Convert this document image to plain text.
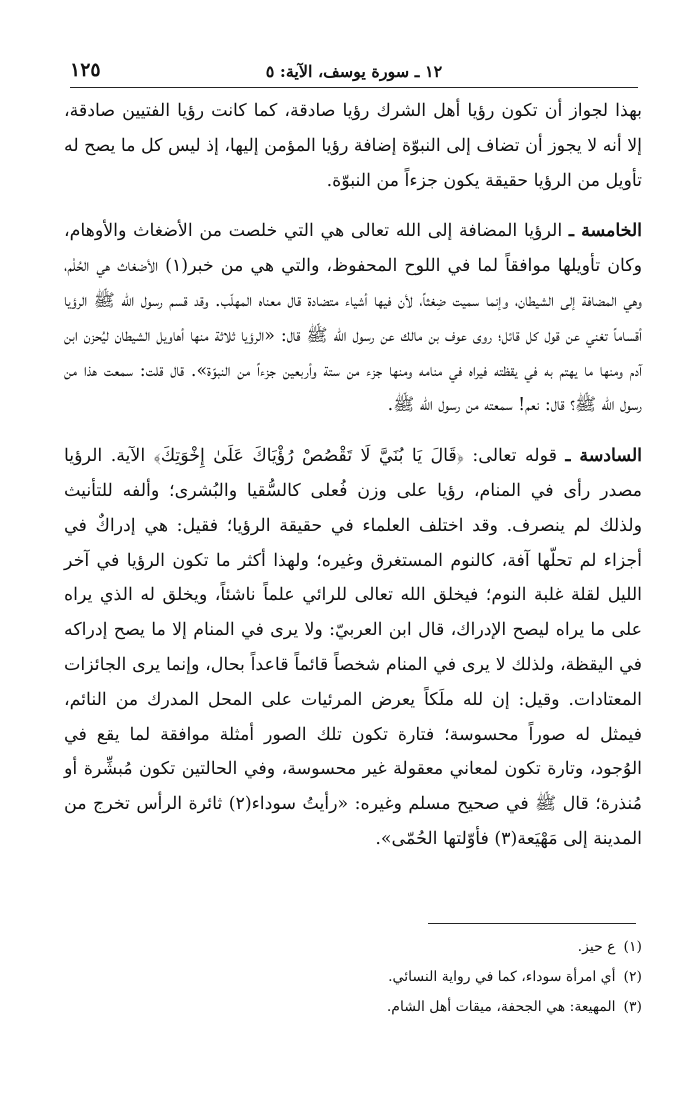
١٢ ـ سورة يوسف، الآية: ٥
١٢٥

بهذا لجواز أن تكون رؤيا أهل الشرك رؤيا صادقة، كما كانت رؤيا الفتيين صادقة، إلا أنه لا يجوز أن تضاف إلى النبوّة إضافة رؤيا المؤمن إليها، إذ ليس كل ما يصح له تأويل من الرؤيا حقيقة يكون جزءاً من النبوّة.

الخامسة ـ الرؤيا المضافة إلى الله تعالى هي التي خلصت من الأضغاث والأوهام، وكان تأويلها موافقاً لما في اللوح المحفوظ، والتي هي من خبر(١) الأضغاث هي الحُلْم، وهي المضافة إلى الشيطان، وإنما سميت ضِغثاً، لأن فيها أشياء متضادة قال معناه المهلّب. وقد قسم رسول الله ﷺ الرؤيا أقساماً تغني عن قول كل قائل؛ روى عوف بن مالك عن رسول الله ﷺ قال: «الرؤيا ثلاثة منها أهاويل الشيطان ليُحزن ابن آدم ومنها ما يهتم به في يقظته فيراه في منامه ومنها جزء من ستة وأربعين جزءاً من النبوّة». قال قلت: سمعت هذا من رسول الله ﷺ؟ قال: نعم! سمعته من رسول الله ﷺ.

السادسة ـ قوله تعالى: ﴿قَالَ يَا بُنَيَّ لَا تَقْصُصْ رُؤْيَاكَ عَلَىٰ إِخْوَتِكَ﴾ الآية. الرؤيا مصدر رأى في المنام، رؤيا على وزن فُعلى كالسُّقيا والبُشرى؛ وألفه للتأنيث ولذلك لم ينصرف. وقد اختلف العلماء في حقيقة الرؤيا؛ فقيل: هي إدراكٌ في أجزاء لم تحلّها آفة، كالنوم المستغرق وغيره؛ ولهذا أكثر ما تكون الرؤيا في آخر الليل لقلة غلبة النوم؛ فيخلق الله تعالى للرائي علماً ناشئاً، ويخلق له الذي يراه على ما يراه ليصح الإدراك، قال ابن العربيّ: ولا يرى في المنام إلا ما يصح إدراكه في اليقظة، ولذلك لا يرى في المنام شخصاً قائماً قاعداً بحال، وإنما يرى الجائزات المعتادات. وقيل: إن لله ملَكاً يعرض المرئيات على المحل المدرك من النائم، فيمثل له صوراً محسوسة؛ فتارة تكون تلك الصور أمثلة موافقة لما يقع في الوُجود، وتارة تكون لمعاني معقولة غير محسوسة، وفي الحالتين تكون مُبشِّرة أو مُنذرة؛ قال ﷺ في صحيح مسلم وغيره: «رأيتُ سوداء(٢) ثائرة الرأس تخرج من المدينة إلى مَهْيَعة(٣) فأوّلتها الحُمّى».

(١)ع حيز.
(٢)أي امرأة سوداء، كما في رواية النسائي.
(٣)المهيعة: هي الجحفة، ميقات أهل الشام.
